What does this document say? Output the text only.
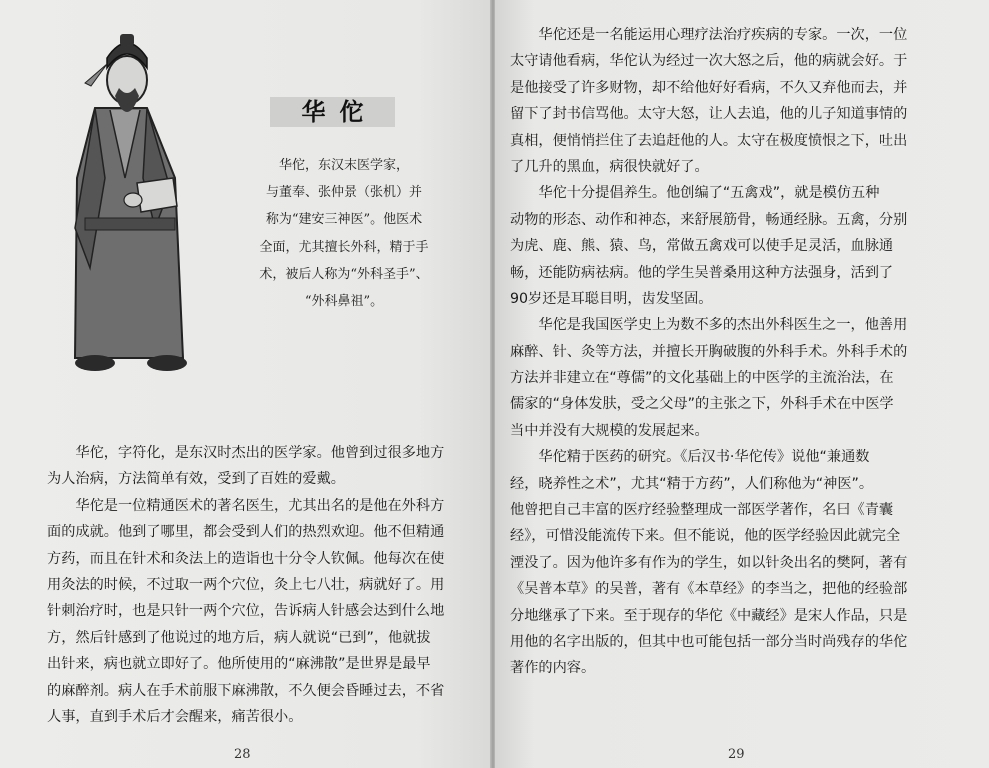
华佗
华佗，东汉末医学家，
与董奉、张仲景（张机）并
称为“建安三神医”。他医术
全面，尤其擅长外科，精于手
术，被后人称为“外科圣手”、
“外科鼻祖”。
　　华佗，字符化，是东汉时杰出的医学家。他曾到过很多地方
为人治病，方法简单有效，受到了百姓的爱戴。
　　华佗是一位精通医术的著名医生，尤其出名的是他在外科方
面的成就。他到了哪里，都会受到人们的热烈欢迎。他不但精通
方药，而且在针术和灸法上的造诣也十分令人钦佩。他每次在使
用灸法的时候，不过取一两个穴位，灸上七八壮，病就好了。用
针刺治疗时，也是只针一两个穴位，告诉病人针感会达到什么地
方，然后针感到了他说过的地方后，病人就说“已到”，他就拔
出针来，病也就立即好了。他所使用的“麻沸散”是世界是最早
的麻醉剂。病人在手术前服下麻沸散，不久便会昏睡过去，不省
人事，直到手术后才会醒来，痛苦很小。
28	29
　　华佗还是一名能运用心理疗法治疗疾病的专家。一次，一位
太守请他看病，华佗认为经过一次大怒之后，他的病就会好。于
是他接受了许多财物，却不给他好好看病，不久又弃他而去，并
留下了封书信骂他。太守大怒，让人去追，他的儿子知道事情的
真相，便悄悄拦住了去追赶他的人。太守在极度愤恨之下，吐出
了几升的黑血，病很快就好了。
　　华佗十分提倡养生。他创编了“五禽戏”，就是模仿五种
动物的形态、动作和神态，来舒展筋骨，畅通经脉。五禽，分别
为虎、鹿、熊、猿、鸟，常做五禽戏可以使手足灵活，血脉通
畅，还能防病祛病。他的学生吴普桑用这种方法强身，活到了
90岁还是耳聪目明，齿发坚固。
　　华佗是我国医学史上为数不多的杰出外科医生之一，他善用
麻醉、针、灸等方法，并擅长开胸破腹的外科手术。外科手术的
方法并非建立在“尊儒”的文化基础上的中医学的主流治法，在
儒家的“身体发肤，受之父母”的主张之下，外科手术在中医学
当中并没有大规模的发展起来。
　　华佗精于医药的研究。《后汉书·华佗传》说他“兼通数
经，晓养性之术”，尤其“精于方药”，人们称他为“神医”。
他曾把自己丰富的医疗经验整理成一部医学著作，名曰《青囊
经》，可惜没能流传下来。但不能说，他的医学经验因此就完全
湮没了。因为他许多有作为的学生，如以针灸出名的樊阿，著有
《吴普本草》的吴普，著有《本草经》的李当之，把他的经验部
分地继承了下来。至于现存的华佗《中藏经》是宋人作品，只是
用他的名字出版的，但其中也可能包括一部分当时尚残存的华佗
著作的内容。
